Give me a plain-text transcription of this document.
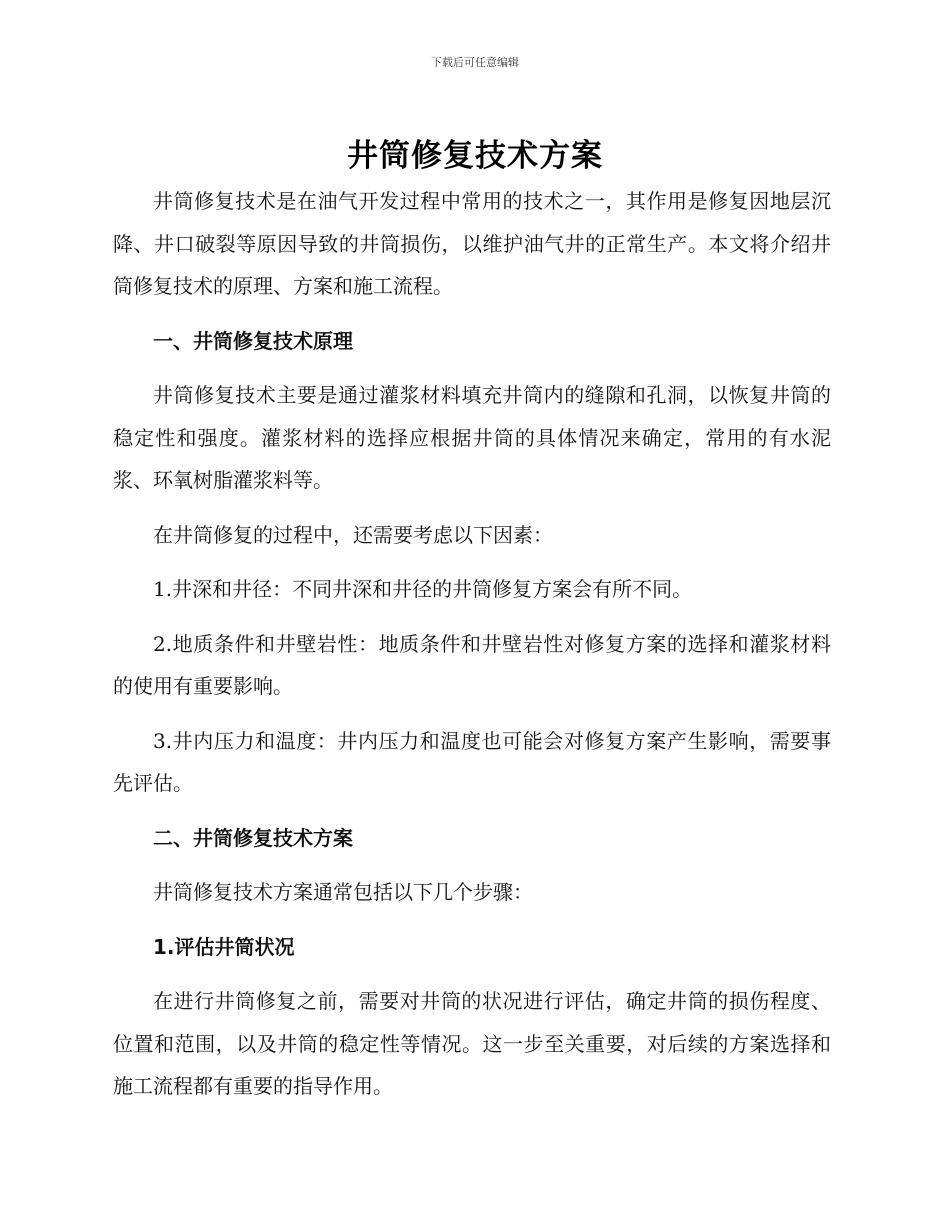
下载后可任意编辑
井筒修复技术方案

井筒修复技术是在油气开发过程中常用的技术之一，其作用是修复因地层沉降、井口破裂等原因导致的井筒损伤，以维护油气井的正常生产。本文将介绍井筒修复技术的原理、方案和施工流程。

一、井筒修复技术原理

井筒修复技术主要是通过灌浆材料填充井筒内的缝隙和孔洞，以恢复井筒的稳定性和强度。灌浆材料的选择应根据井筒的具体情况来确定，常用的有水泥浆、环氧树脂灌浆料等。

在井筒修复的过程中，还需要考虑以下因素：

1.井深和井径：不同井深和井径的井筒修复方案会有所不同。

2.地质条件和井壁岩性：地质条件和井壁岩性对修复方案的选择和灌浆材料的使用有重要影响。

3.井内压力和温度：井内压力和温度也可能会对修复方案产生影响，需要事先评估。

二、井筒修复技术方案

井筒修复技术方案通常包括以下几个步骤：

1.评估井筒状况

在进行井筒修复之前，需要对井筒的状况进行评估，确定井筒的损伤程度、位置和范围，以及井筒的稳定性等情况。这一步至关重要，对后续的方案选择和施工流程都有重要的指导作用。
